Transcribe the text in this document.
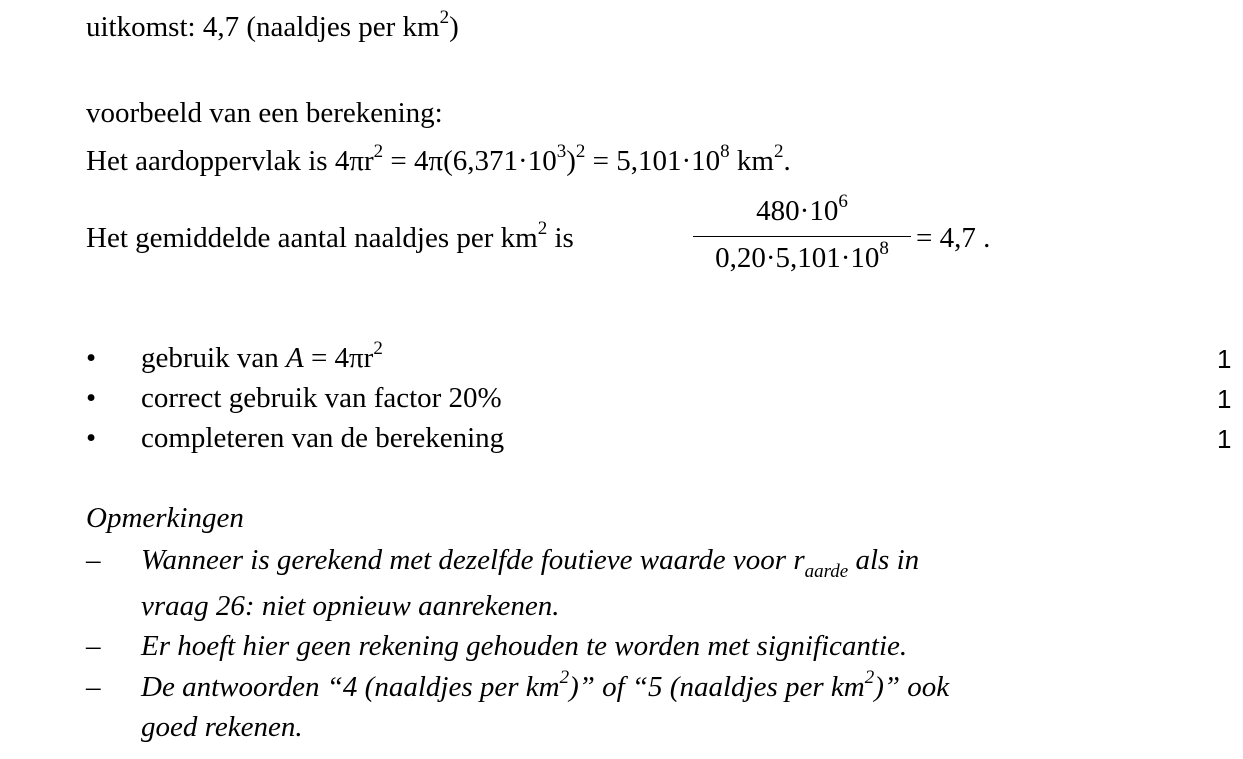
uitkomst: 4,7 (naaldjes per $km^2$)
voorbeeld van een berekening:
Het aardoppervlak is $4\pi r^2 = 4\pi(6,371\cdot 10^3)^2 = 5,101\cdot 10^8$ $km^2$.
Het gemiddelde aantal naaldjes per $km^2$ is
$480\cdot 10^6$
$0,20\cdot 5,101\cdot 10^8 = 4,7$ .
• gebruik van $A = 4\pi r^2$	1
• correct gebruik van factor 20%	1
• completeren van de berekening	1
Opmerkingen
– Wanneer is gerekend met dezelfde foutieve waarde voor $r_{aarde}$ als in
vraag 26: niet opnieuw aanrekenen.
– Er hoeft hier geen rekening gehouden te worden met significantie.
– De antwoorden “4 (naaldjes per $km^2$)” of “5 (naaldjes per $km^2$)” ook
goed rekenen.
